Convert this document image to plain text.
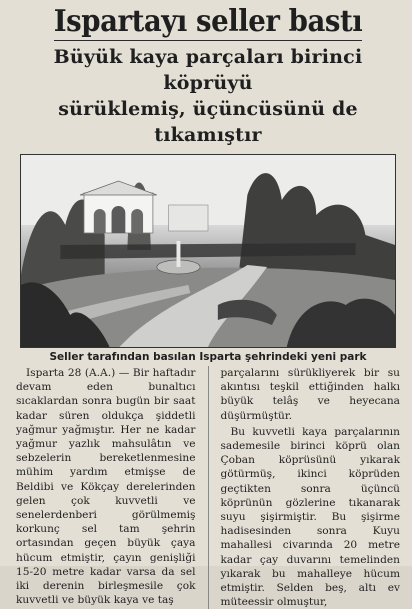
Ispartayı seller bastı
Büyük kaya parçaları birinci köprüyü
sürüklemiş, üçüncüsünü de tıkamıştır
Seller tarafından basılan Isparta şehrindeki yeni park

Isparta 28 (A.A.) — Bir haftadır devam eden bunaltıcı sıcaklardan sonra bugün bir saat kadar süren oldukça şiddetli yağmur yağmıştır. Her ne kadar yağmur yazlık mahsulâtın ve sebzelerin bereketlenmesine mühim yardım etmişse de Beldibi ve Kökçay derelerinden gelen çok kuvvetli ve senelerdenberi görülmemiş korkunç sel tam şehrin ortasından geçen büyük çaya hücum etmiştir, çayın genişliği 15-20 metre kadar varsa da sel iki derenin birleşmesile çok kuvvetli ve büyük kaya ve taş

parçalarını sürükliyerek bir su akıntısı teşkil ettiğinden halkı büyük telâş ve heyecana düşürmüştür.

Bu kuvvetli kaya parçalarının sademesile birinci köprü olan Çoban köprüsünü yıkarak götürmüş, ikinci köprüden geçtikten sonra üçüncü köprünün gözlerine tıkanarak suyu şişirmiştir. Bu şişirme hadisesinden sonra Kuyu mahallesi civarında 20 metre kadar çay duvarını temelinden yıkarak bu mahalleye hücum etmiştir. Selden beş, altı ev müteessir olmuştur,
